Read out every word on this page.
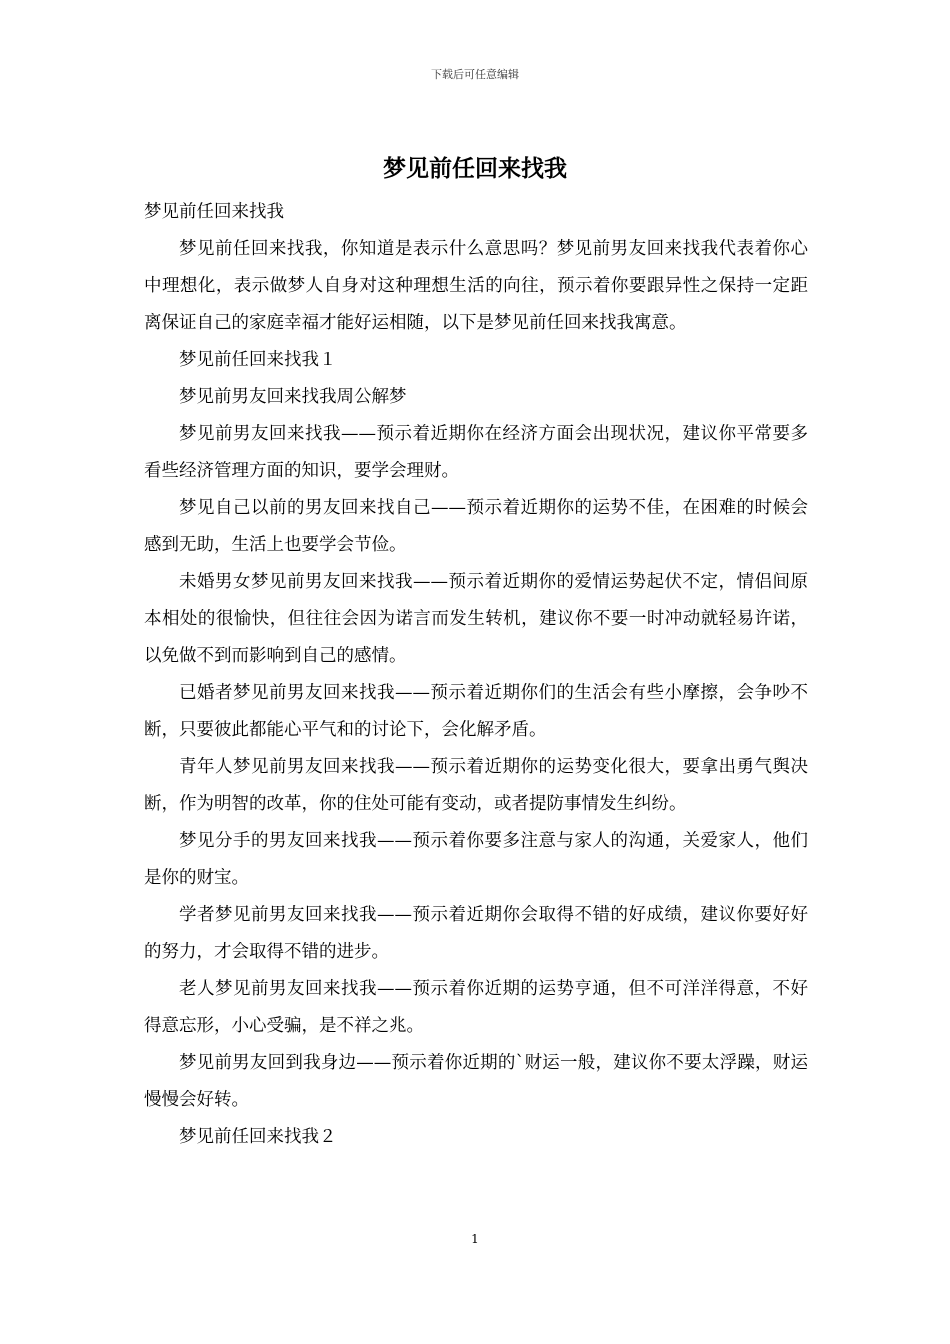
下载后可任意编辑
梦见前任回来找我

梦见前任回来找我

梦见前任回来找我，你知道是表示什么意思吗？梦见前男友回来找我代表着你心中理想化，表示做梦人自身对这种理想生活的向往，预示着你要跟异性之保持一定距离保证自己的家庭幸福才能好运相随，以下是梦见前任回来找我寓意。

梦见前任回来找我１

梦见前男友回来找我周公解梦

梦见前男友回来找我——预示着近期你在经济方面会出现状况，建议你平常要多看些经济管理方面的知识，要学会理财。

梦见自己以前的男友回来找自己——预示着近期你的运势不佳，在困难的时候会感到无助，生活上也要学会节俭。

未婚男女梦见前男友回来找我——预示着近期你的爱情运势起伏不定，情侣间原本相处的很愉快，但往往会因为诺言而发生转机，建议你不要一时冲动就轻易许诺，以免做不到而影响到自己的感情。

已婚者梦见前男友回来找我——预示着近期你们的生活会有些小摩擦，会争吵不断，只要彼此都能心平气和的讨论下，会化解矛盾。

青年人梦见前男友回来找我——预示着近期你的运势变化很大，要拿出勇气舆决断，作为明智的改革，你的住处可能有变动，或者提防事情发生纠纷。

梦见分手的男友回来找我——预示着你要多注意与家人的沟通，关爱家人，他们是你的财宝。

学者梦见前男友回来找我——预示着近期你会取得不错的好成绩，建议你要好好的努力，才会取得不错的进步。

老人梦见前男友回来找我——预示着你近期的运势亨通，但不可洋洋得意，不好得意忘形，小心受骗，是不祥之兆。

梦见前男友回到我身边——预示着你近期的`财运一般，建议你不要太浮躁，财运慢慢会好转。

梦见前任回来找我２

1
